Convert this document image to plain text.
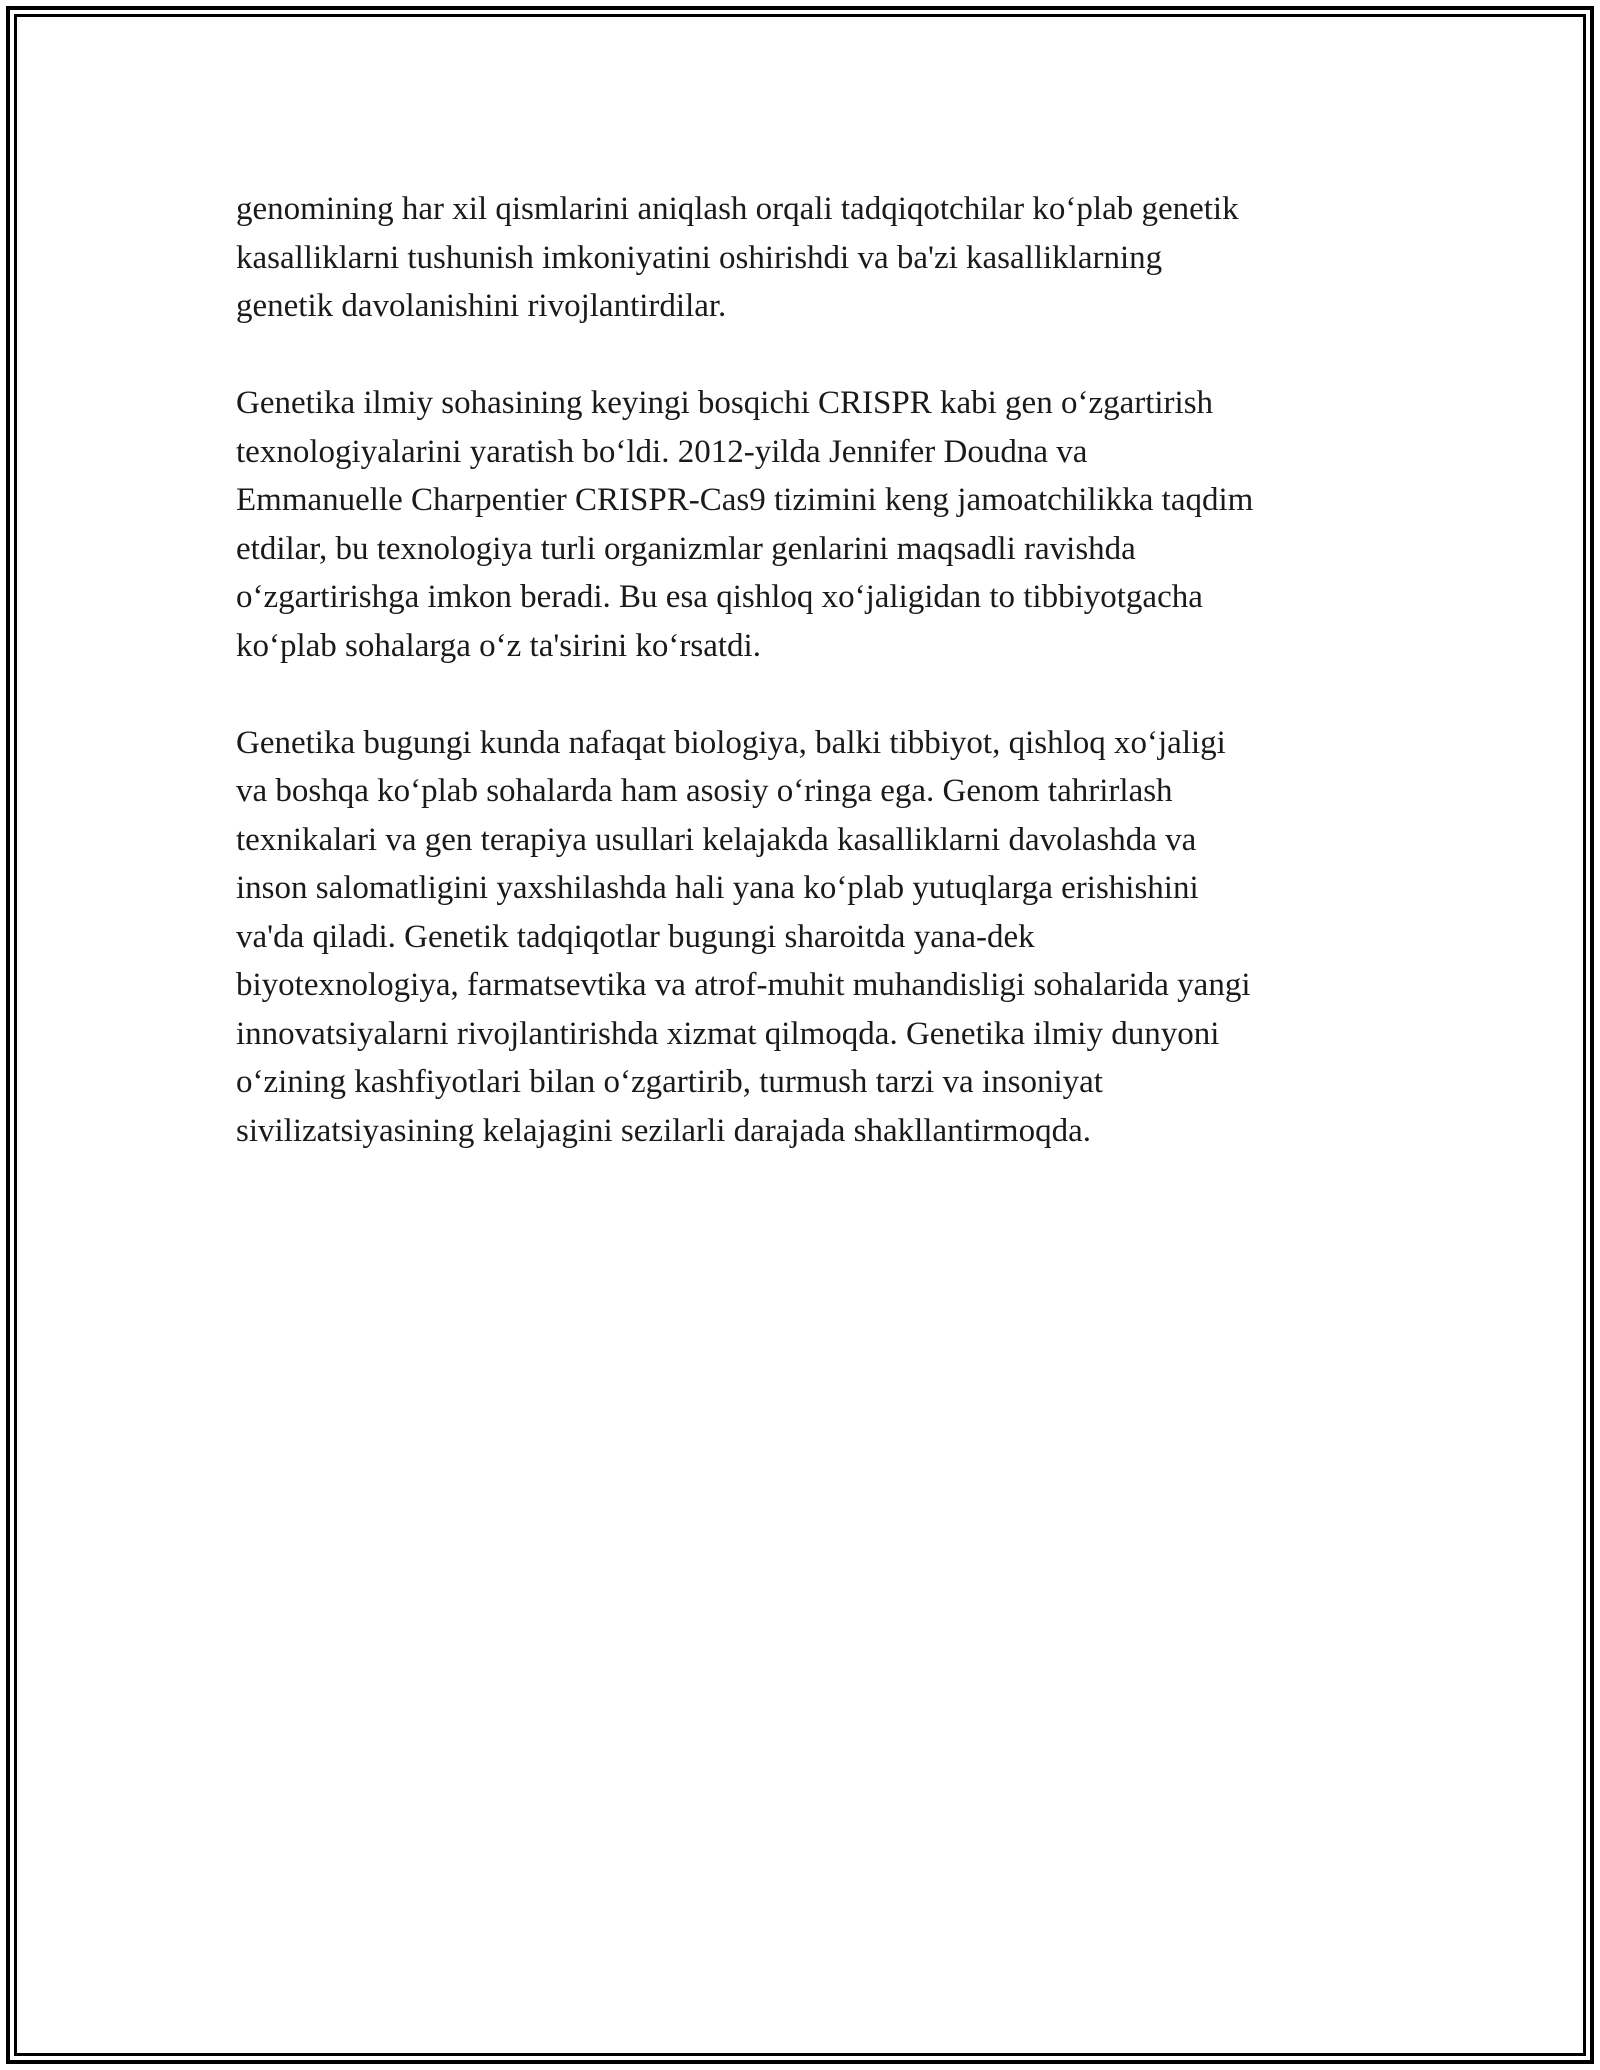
genomining har xil qismlarini aniqlash orqali tadqiqotchilar koʻplab genetik
kasalliklarni tushunish imkoniyatini oshirishdi va ba'zi kasalliklarning
genetik davolanishini rivojlantirdilar.

Genetika ilmiy sohasining keyingi bosqichi CRISPR kabi gen oʻzgartirish
texnologiyalarini yaratish boʻldi. 2012-yilda Jennifer Doudna va
Emmanuelle Charpentier CRISPR-Cas9 tizimini keng jamoatchilikka taqdim
etdilar, bu texnologiya turli organizmlar genlarini maqsadli ravishda
oʻzgartirishga imkon beradi. Bu esa qishloq xoʻjaligidan to tibbiyotgacha
koʻplab sohalarga oʻz ta'sirini koʻrsatdi.

Genetika bugungi kunda nafaqat biologiya, balki tibbiyot, qishloq xoʻjaligi
va boshqa koʻplab sohalarda ham asosiy oʻringa ega. Genom tahrirlash
texnikalari va gen terapiya usullari kelajakda kasalliklarni davolashda va
inson salomatligini yaxshilashda hali yana koʻplab yutuqlarga erishishini
va'da qiladi. Genetik tadqiqotlar bugungi sharoitda yana-dek
biyotexnologiya, farmatsevtika va atrof-muhit muhandisligi sohalarida yangi
innovatsiyalarni rivojlantirishda xizmat qilmoqda. Genetika ilmiy dunyoni
oʻzining kashfiyotlari bilan oʻzgartirib, turmush tarzi va insoniyat
sivilizatsiyasining kelajagini sezilarli darajada shakllantirmoqda.
